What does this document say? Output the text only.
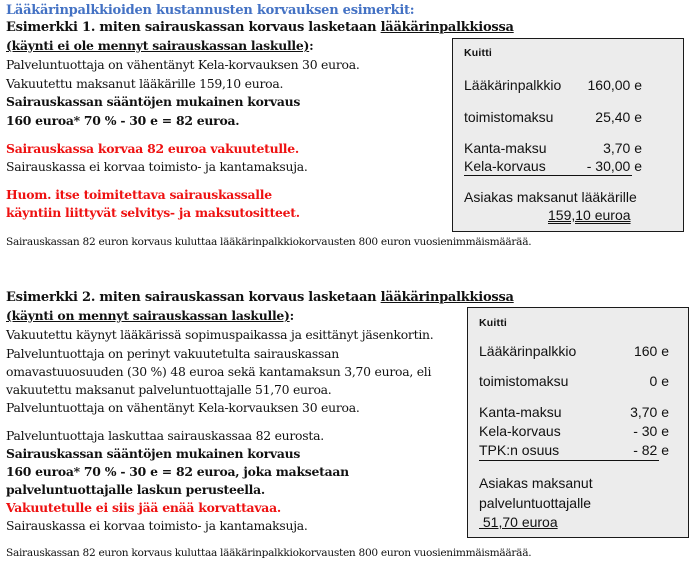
Lääkärinpalkkioiden kustannusten korvauksen esimerkit:
Esimerkki 1. miten sairauskassan korvaus lasketaan lääkärinpalkkiossa
(käynti ei ole mennyt sairauskassan laskulle):
Palveluntuottaja on vähentänyt Kela-korvauksen 30 euroa.
Vakuutettu maksanut lääkärille 159,10 euroa.
Sairauskassan sääntöjen mukainen korvaus
160 euroa* 70 % - 30 e = 82 euroa.
Sairauskassa korvaa 82 euroa vakuutetulle.
Sairauskassa ei korvaa toimisto- ja kantamaksuja.
Huom. itse toimitettava sairauskassalle
käyntiin liittyvät selvitys- ja maksutositteet.
Sairauskassan 82 euron korvaus kuluttaa lääkärinpalkkiokorvausten 800 euron vuosienimmäismäärää.
Kuitti
Lääkärinpalkkio	160,00 e
toimistomaksu	25,40 e
Kanta-maksu	3,70 e
Kela-korvaus	- 30,00 e
Asiakas maksanut lääkärille
159,10 euroa
Esimerkki 2. miten sairauskassan korvaus lasketaan lääkärinpalkkiossa
(käynti on mennyt sairauskassan laskulle):
Vakuutettu käynyt lääkärissä sopimuspaikassa ja esittänyt jäsenkortin.
Palveluntuottaja on perinyt vakuutetulta sairauskassan
omavastuuosuuden (30 %) 48 euroa sekä kantamaksun 3,70 euroa, eli
vakuutettu maksanut palveluntuottajalle 51,70 euroa.
Palveluntuottaja on vähentänyt Kela-korvauksen 30 euroa.
Palveluntuottaja laskuttaa sairauskassaa 82 eurosta.
Sairauskassan sääntöjen mukainen korvaus
160 euroa* 70 % - 30 e = 82 euroa, joka maksetaan
palveluntuottajalle laskun perusteella.
Vakuutetulle ei siis jää enää korvattavaa.
Sairauskassa ei korvaa toimisto- ja kantamaksuja.
Sairauskassan 82 euron korvaus kuluttaa lääkärinpalkkiokorvausten 800 euron vuosienimmäismäärää.
Kuitti
Lääkärinpalkkio	160 e
toimistomaksu	0 e
Kanta-maksu	3,70 e
Kela-korvaus	- 30 e
TPK:n osuus	- 82 e
Asiakas maksanut
palveluntuottajalle
51,70 euroa
